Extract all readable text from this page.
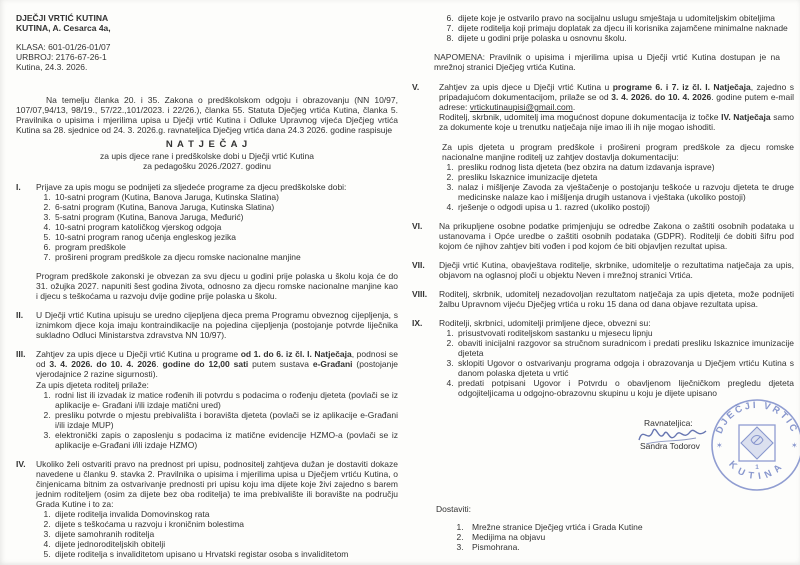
DJEČJI VRTIĆ KUTINA
KUTINA, A. Cesarca 4a,
KLASA: 601-01/26-01/07
URBROJ: 2176-67-26-1
Kutina, 24.3. 2026.

Na temelju članka 20. i 35. Zakona o predškolskom odgoju i obrazovanju (NN 10/97, 107/07,94/13, 98/19., 57/22.,101/2023. i 22/26.), članka 55. Statuta Dječjeg vrtića Kutina, članka 5. Pravilnika o upisima i mjerilima upisa u Dječji vrtić Kutina i Odluke Upravnog vijeća Dječjeg vrtića Kutina sa 28. sjednice od 24. 3. 2026.g. ravnateljica Dječjeg vrtića dana 24.3 2026. godine raspisuje

N A T J E Č A J
za upis djece rane i predškolske dobi u Dječji vrtić Kutina
za pedagošku 2026./2027. godinu
I.	Prijave za upis mogu se podnijeti za sljedeće programe za djecu predškolske dobi:

1. 10-satni program (Kutina, Banova Jaruga, Kutinska Slatina)
2. 6-satni program (Kutina, Banova Jaruga, Kutinska Slatina)
3. 5-satni program (Kutina, Banova Jaruga, Međurić)
4. 10-satni program katoličkog vjerskog odgoja
5. 10-satni program ranog učenja engleskog jezika
6. program predškole
7. prošireni program predškole za djecu romske nacionalne manjine

Program predškole zakonski je obvezan za svu djecu u godini prije polaska u školu koja će do 31. ožujka 2027. napuniti šest godina života, odnosno za djecu romske nacionalne manjine kao i djecu s teškoćama u razvoju dvije godine prije polaska u školu.

II.	U Dječji vrtić Kutina upisuju se uredno cijepljena djeca prema Programu obveznog cijepljenja, s iznimkom djece koja imaju kontraindikacije na pojedina cijepljenja (postojanje potvrde liječnika sukladno Odluci Ministarstva zdravstva NN 10/97).

III.	Zahtjev za upis djece u Dječji vrtić Kutina u programe od 1. do 6. iz čl. I. Natječaja, podnosi se od 3. 4. 2026. do 10. 4. 2026. godine do 12,00 sati putem sustava e-Građani (postojanje vjerodajnice 2 razine sigurnosti).

Za upis djeteta roditelj prilaže:

1. rodni list ili izvadak iz matice rođenih ili potvrdu s podacima o rođenju djeteta (povlači se iz aplikacije e- Građani i/ili izdaje matični ured)
2. presliku potvrde o mjestu prebivališta i boravišta djeteta (povlači se iz aplikacije e-Građani i/ili izdaje MUP)
3. elektronički zapis o zaposlenju s podacima iz matične evidencije HZMO-a (povlači se iz aplikacije e-Građani i/ili izdaje HZMO)
IV.	Ukoliko želi ostvariti pravo na prednost pri upisu, podnositelj zahtjeva dužan je dostaviti dokaze navedene u članku 9. stavka 2. Pravilnika o upisima i mjerilima upisa u Dječjem vrtiću Kutina, o činjenicama bitnim za ostvarivanje prednosti pri upisu koju ima dijete koje živi zajedno s barem jednim roditeljem (osim za dijete bez oba roditelja) te ima prebivalište ili boravište na području Grada Kutine i to za:

1. dijete roditelja invalida Domovinskog rata
2. dijete s teškoćama u razvoju i kroničnim bolestima
3. dijete samohranih roditelja
4. dijete jednoroditeljskih obitelji
5. dijete roditelja s invaliditetom upisano u Hrvatski registar osoba s invaliditetom
6. dijete koje je ostvarilo pravo na socijalnu uslugu smještaja u udomiteljskim obiteljima
7. dijete roditelja koji primaju doplatak za djecu ili korisnika zajamčene minimalne naknade
8. dijete u godini prije polaska u osnovnu školu.

NAPOMENA: Pravilnik o upisima i mjerilima upisa u Dječji vrtić Kutina dostupan je na mrežnoj stranici Dječjeg vrtića Kutina.

V.	Zahtjev za upis djece u Dječji vrtić Kutina u programe 6. i 7. iz čl. I. Natječaja, zajedno s pripadajućom dokumentacijom, prilaže se od 3. 4. 2026. do 10. 4. 2026. godine putem e-mail adrese: vrtickutinaupisi@gmail.com.

Roditelj, skrbnik, udomitelj ima mogućnost dopune dokumentacija iz točke IV. Natječaja samo za dokumente koje u trenutku natječaja nije imao ili ih nije mogao ishoditi.

Za upis djeteta u program predškole i prošireni program predškole za djecu romske nacionalne manjine roditelj uz zahtjev dostavlja dokumentaciju:

1. presliku rodnog lista djeteta (bez obzira na datum izdavanja isprave)
2. presliku Iskaznice imunizacije djeteta
3. nalaz i mišljenje Zavoda za vještačenje o postojanju teškoće u razvoju djeteta te druge medicinske nalaze kao i mišljenja drugih ustanova i vještaka (ukoliko postoji)
4. rješenje o odgodi upisa u 1. razred (ukoliko postoji)
VI.	Na prikupljene osobne podatke primjenjuju se odredbe Zakona o zaštiti osobnih podataka u ustanovama i Opće uredbe o zaštiti osobnih podataka (GDPR). Roditelji će dobiti šifru pod kojom će njihov zahtjev biti vođen i pod kojom će biti objavljen rezultat upisa.

VII.	Dječji vrtić Kutina, obavještava roditelje, skrbnike, udomitelje o rezultatima natječaja za upis, objavom na oglasnoj ploči u objektu Neven i mrežnoj stranici Vrtića.

VIII.	Roditelj, skrbnik, udomitelj nezadovoljan rezultatom natječaja za upis djeteta, može podnijeti žalbu Upravnom vijeću Dječjeg vrtića u roku 15 dana od dana objave rezultata upisa.

IX.	Roditelji, skrbnici, udomitelji primljene djece, obvezni su:

1. prisustvovati roditeljskom sastanku u mjesecu lipnju
2. obaviti inicijalni razgovor sa stručnom suradnicom i predati presliku Iskaznice imunizacije djeteta
3. sklopiti Ugovor o ostvarivanju programa odgoja i obrazovanja u Dječjem vrtiću Kutina s danom polaska djeteta u vrtić
4. predati potpisani Ugovor i Potvrdu o obavljenom liječničkom pregledu djeteta odgojiteljicama u odgojno-obrazovnu skupinu u koju je dijete upisano
Ravnateljica:
Sandra Todorov
DJEČJI VRTIĆ
KUTINA
✶	✶
1
Dostaviti:
1. Mrežne stranice Dječjeg vrtića i Grada Kutine
2. Medijima na objavu
3. Pismohrana.
